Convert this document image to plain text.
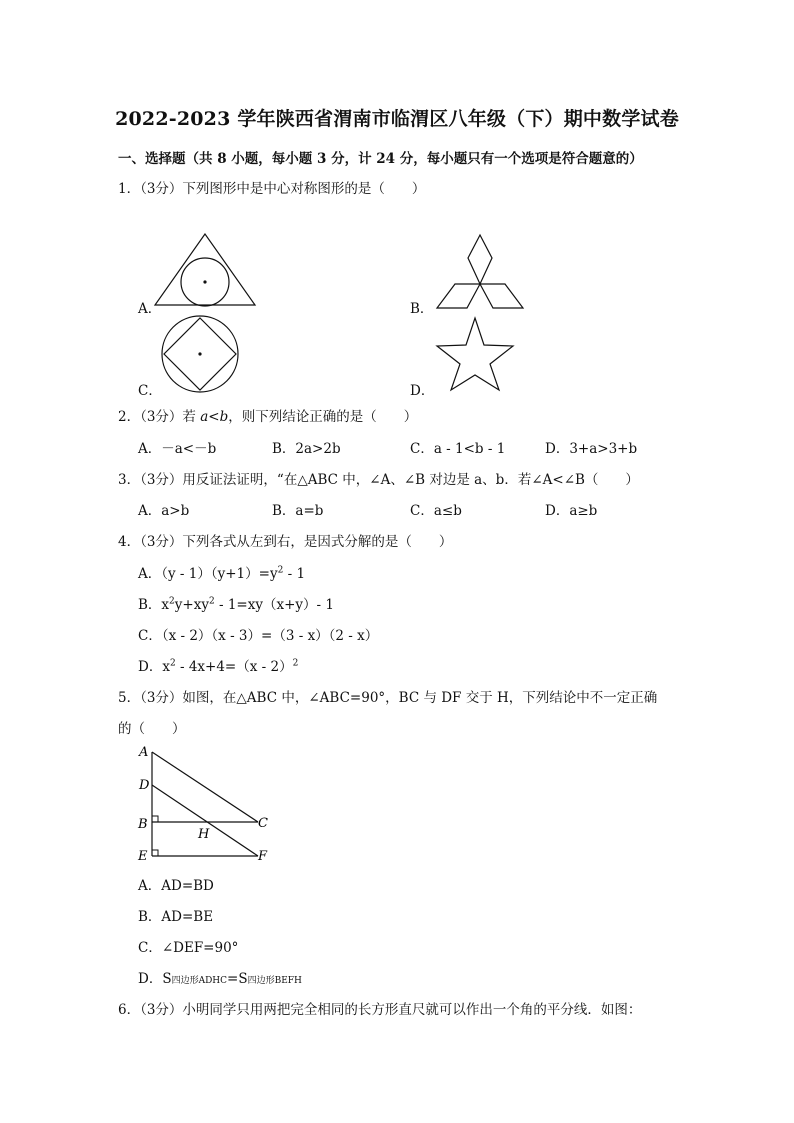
2022-2023 学年陕西省渭南市临渭区八年级（下）期中数学试卷
一、选择题（共 8 小题，每小题 3 分，计 24 分，每小题只有一个选项是符合题意的）
1．（3分）下列图形中是中心对称图形的是（　　）
A．	B．
C．	D．
2．（3分）若 a<b，则下列结论正确的是（　　）
A．－a<－b	B．2a>2b	C．a - 1<b - 1	D．3+a>3+b
3．（3分）用反证法证明，“在△ABC 中，∠A、∠B 对边是 a、b．若∠A<∠B（　　）
A．a>b	B．a=b	C．a≤b	D．a≥b
4．（3分）下列各式从左到右，是因式分解的是（　　）
A．$(y - 1)(y+1)=y^2 - 1$
B．$x^2y+xy^2 - 1=xy(x+y)-$ 1
C．（x - 2）（x - 3）=（3 - x）（2 - x）
D．$x^2 - 4x+4=(x - 2)^2$
5．（3分）如图，在△ABC 中，∠ABC=90°，BC 与 DF 交于 H，下列结论中不一定正确
的（　　）
A
D
B
H
C
E	F
A．AD=BD
B．AD=BE
C．∠DEF=90°
D．S四边形ADHC=S四边形BEFH
6．（3分）小明同学只用两把完全相同的长方形直尺就可以作出一个角的平分线．如图：
